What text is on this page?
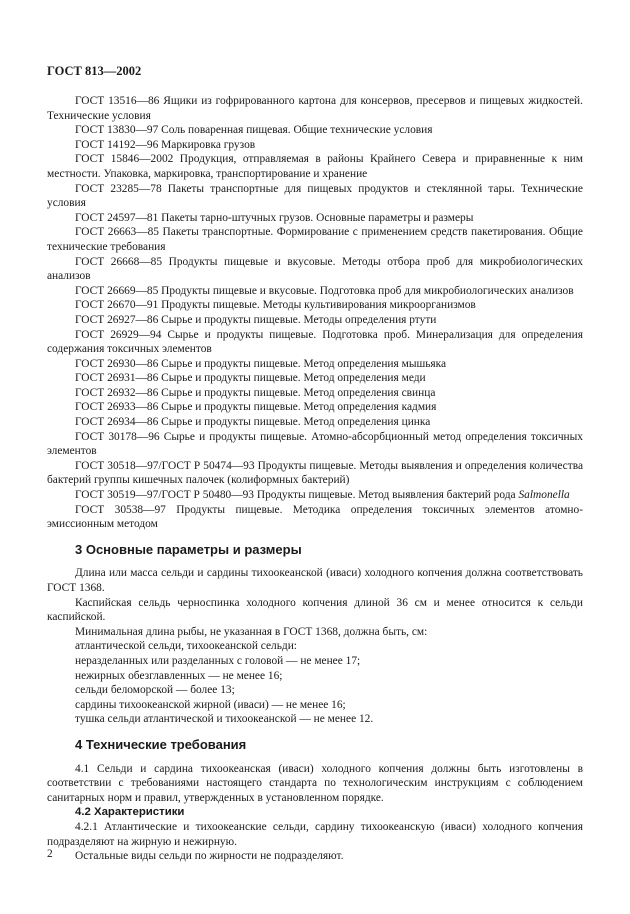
ГОСТ 813—2002

ГОСТ 13516—86 Ящики из гофрированного картона для консервов, пресервов и пищевых жидкостей. Технические условия

ГОСТ 13830—97 Соль поваренная пищевая. Общие технические условия

ГОСТ 14192—96 Маркировка грузов

ГОСТ 15846—2002 Продукция, отправляемая в районы Крайнего Севера и приравненные к ним местности. Упаковка, маркировка, транспортирование и хранение

ГОСТ 23285—78 Пакеты транспортные для пищевых продуктов и стеклянной тары. Технические условия

ГОСТ 24597—81 Пакеты тарно-штучных грузов. Основные параметры и размеры

ГОСТ 26663—85 Пакеты транспортные. Формирование с применением средств пакетирования. Общие технические требования

ГОСТ 26668—85 Продукты пищевые и вкусовые. Методы отбора проб для микробиологических анализов

ГОСТ 26669—85 Продукты пищевые и вкусовые. Подготовка проб для микробиологических анализов

ГОСТ 26670—91 Продукты пищевые. Методы культивирования микроорганизмов

ГОСТ 26927—86 Сырье и продукты пищевые. Методы определения ртути

ГОСТ 26929—94 Сырье и продукты пищевые. Подготовка проб. Минерализация для определения содержания токсичных элементов

ГОСТ 26930—86 Сырье и продукты пищевые. Метод определения мышьяка

ГОСТ 26931—86 Сырье и продукты пищевые. Метод определения меди

ГОСТ 26932—86 Сырье и продукты пищевые. Метод определения свинца

ГОСТ 26933—86 Сырье и продукты пищевые. Метод определения кадмия

ГОСТ 26934—86 Сырье и продукты пищевые. Метод определения цинка

ГОСТ 30178—96 Сырье и продукты пищевые. Атомно-абсорбционный метод определения токсичных элементов

ГОСТ 30518—97/ГОСТ Р 50474—93 Продукты пищевые. Методы выявления и определения количества бактерий группы кишечных палочек (колиформных бактерий)

ГОСТ 30519—97/ГОСТ Р 50480—93 Продукты пищевые. Метод выявления бактерий рода Salmonella

ГОСТ 30538—97 Продукты пищевые. Методика определения токсичных элементов атомно-эмиссионным методом

3 Основные параметры и размеры

Длина или масса сельди и сардины тихоокеанской (иваси) холодного копчения должна соответствовать ГОСТ 1368.

Каспийская сельдь черноспинка холодного копчения длиной 36 см и менее относится к сельди каспийской.

Минимальная длина рыбы, не указанная в ГОСТ 1368, должна быть, см:

атлантической сельди, тихоокеанской сельди:

неразделанных или разделанных с головой — не менее 17;

нежирных обезглавленных — не менее 16;

сельди беломорской — более 13;

сардины тихоокеанской жирной (иваси) — не менее 16;

тушка сельди атлантической и тихоокеанской — не менее 12.

4 Технические требования

4.1 Сельди и сардина тихоокеанская (иваси) холодного копчения должны быть изготовлены в соответствии с требованиями настоящего стандарта по технологическим инструкциям с соблюдением санитарных норм и правил, утвержденных в установленном порядке.

4.2 Характеристики

4.2.1 Атлантические и тихоокеанские сельди, сардину тихоокеанскую (иваси) холодного копчения подразделяют на жирную и нежирную.

Остальные виды сельди по жирности не подразделяют.

2
